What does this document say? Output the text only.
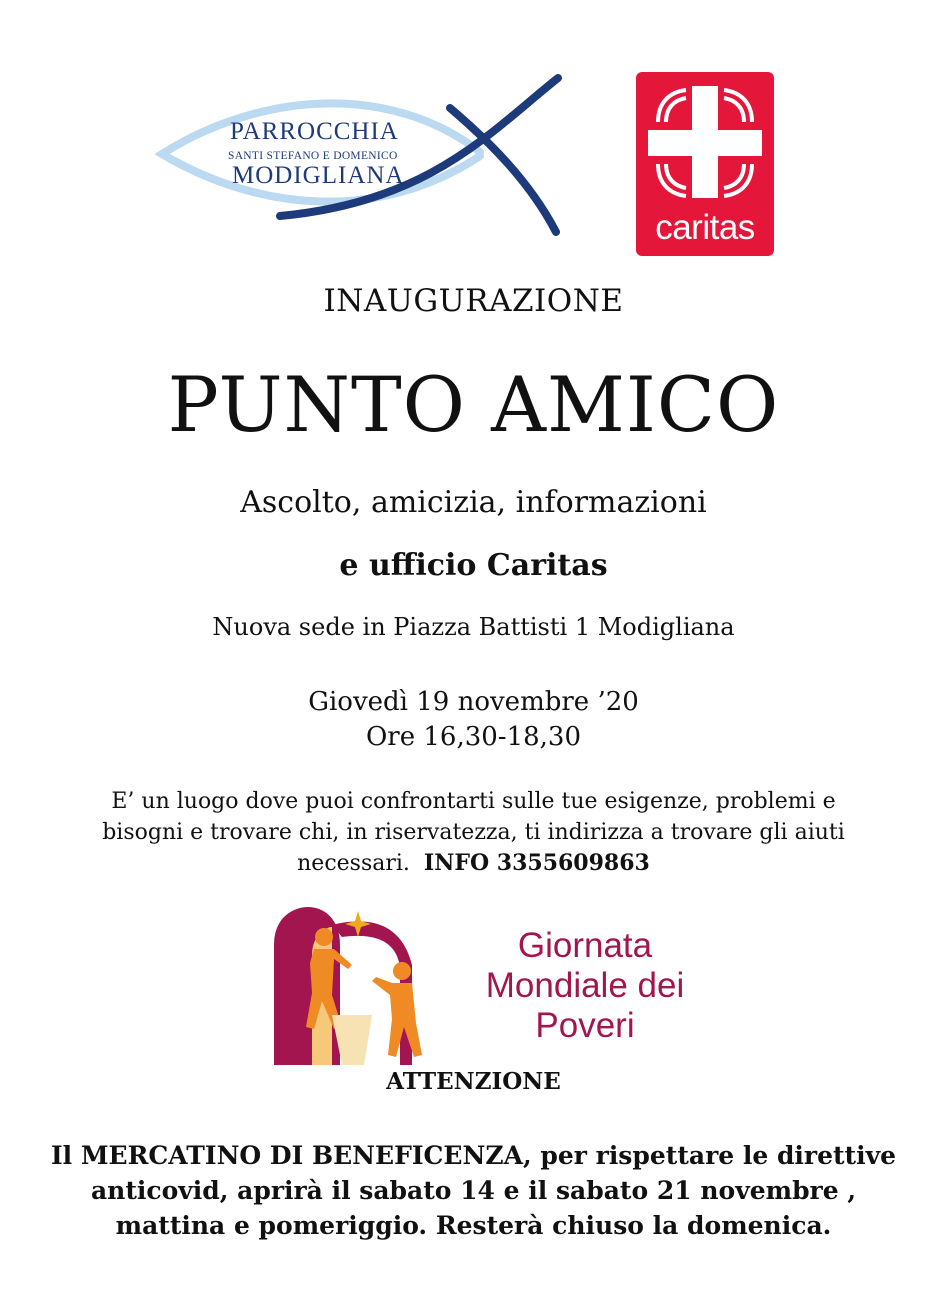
PARROCCHIA
SANTI STEFANO E DOMENICO
MODIGLIANA
caritas
INAUGURAZIONE
PUNTO AMICO
Ascolto, amicizia, informazioni
e ufficio Caritas
Nuova sede in Piazza Battisti 1 Modigliana
Giovedì 19 novembre ’20
Ore 16,30-18,30
E’ un luogo dove puoi confrontarti sulle tue esigenze, problemi e
bisogni e trovare chi, in riservatezza, ti indirizza a trovare gli aiuti
necessari. INFO 3355609863
Giornata
Mondiale dei
Poveri
ATTENZIONE
Il MERCATINO DI BENEFICENZA, per rispettare le direttive
anticovid, aprirà il sabato 14 e il sabato 21 novembre ,
mattina e pomeriggio. Resterà chiuso la domenica.
